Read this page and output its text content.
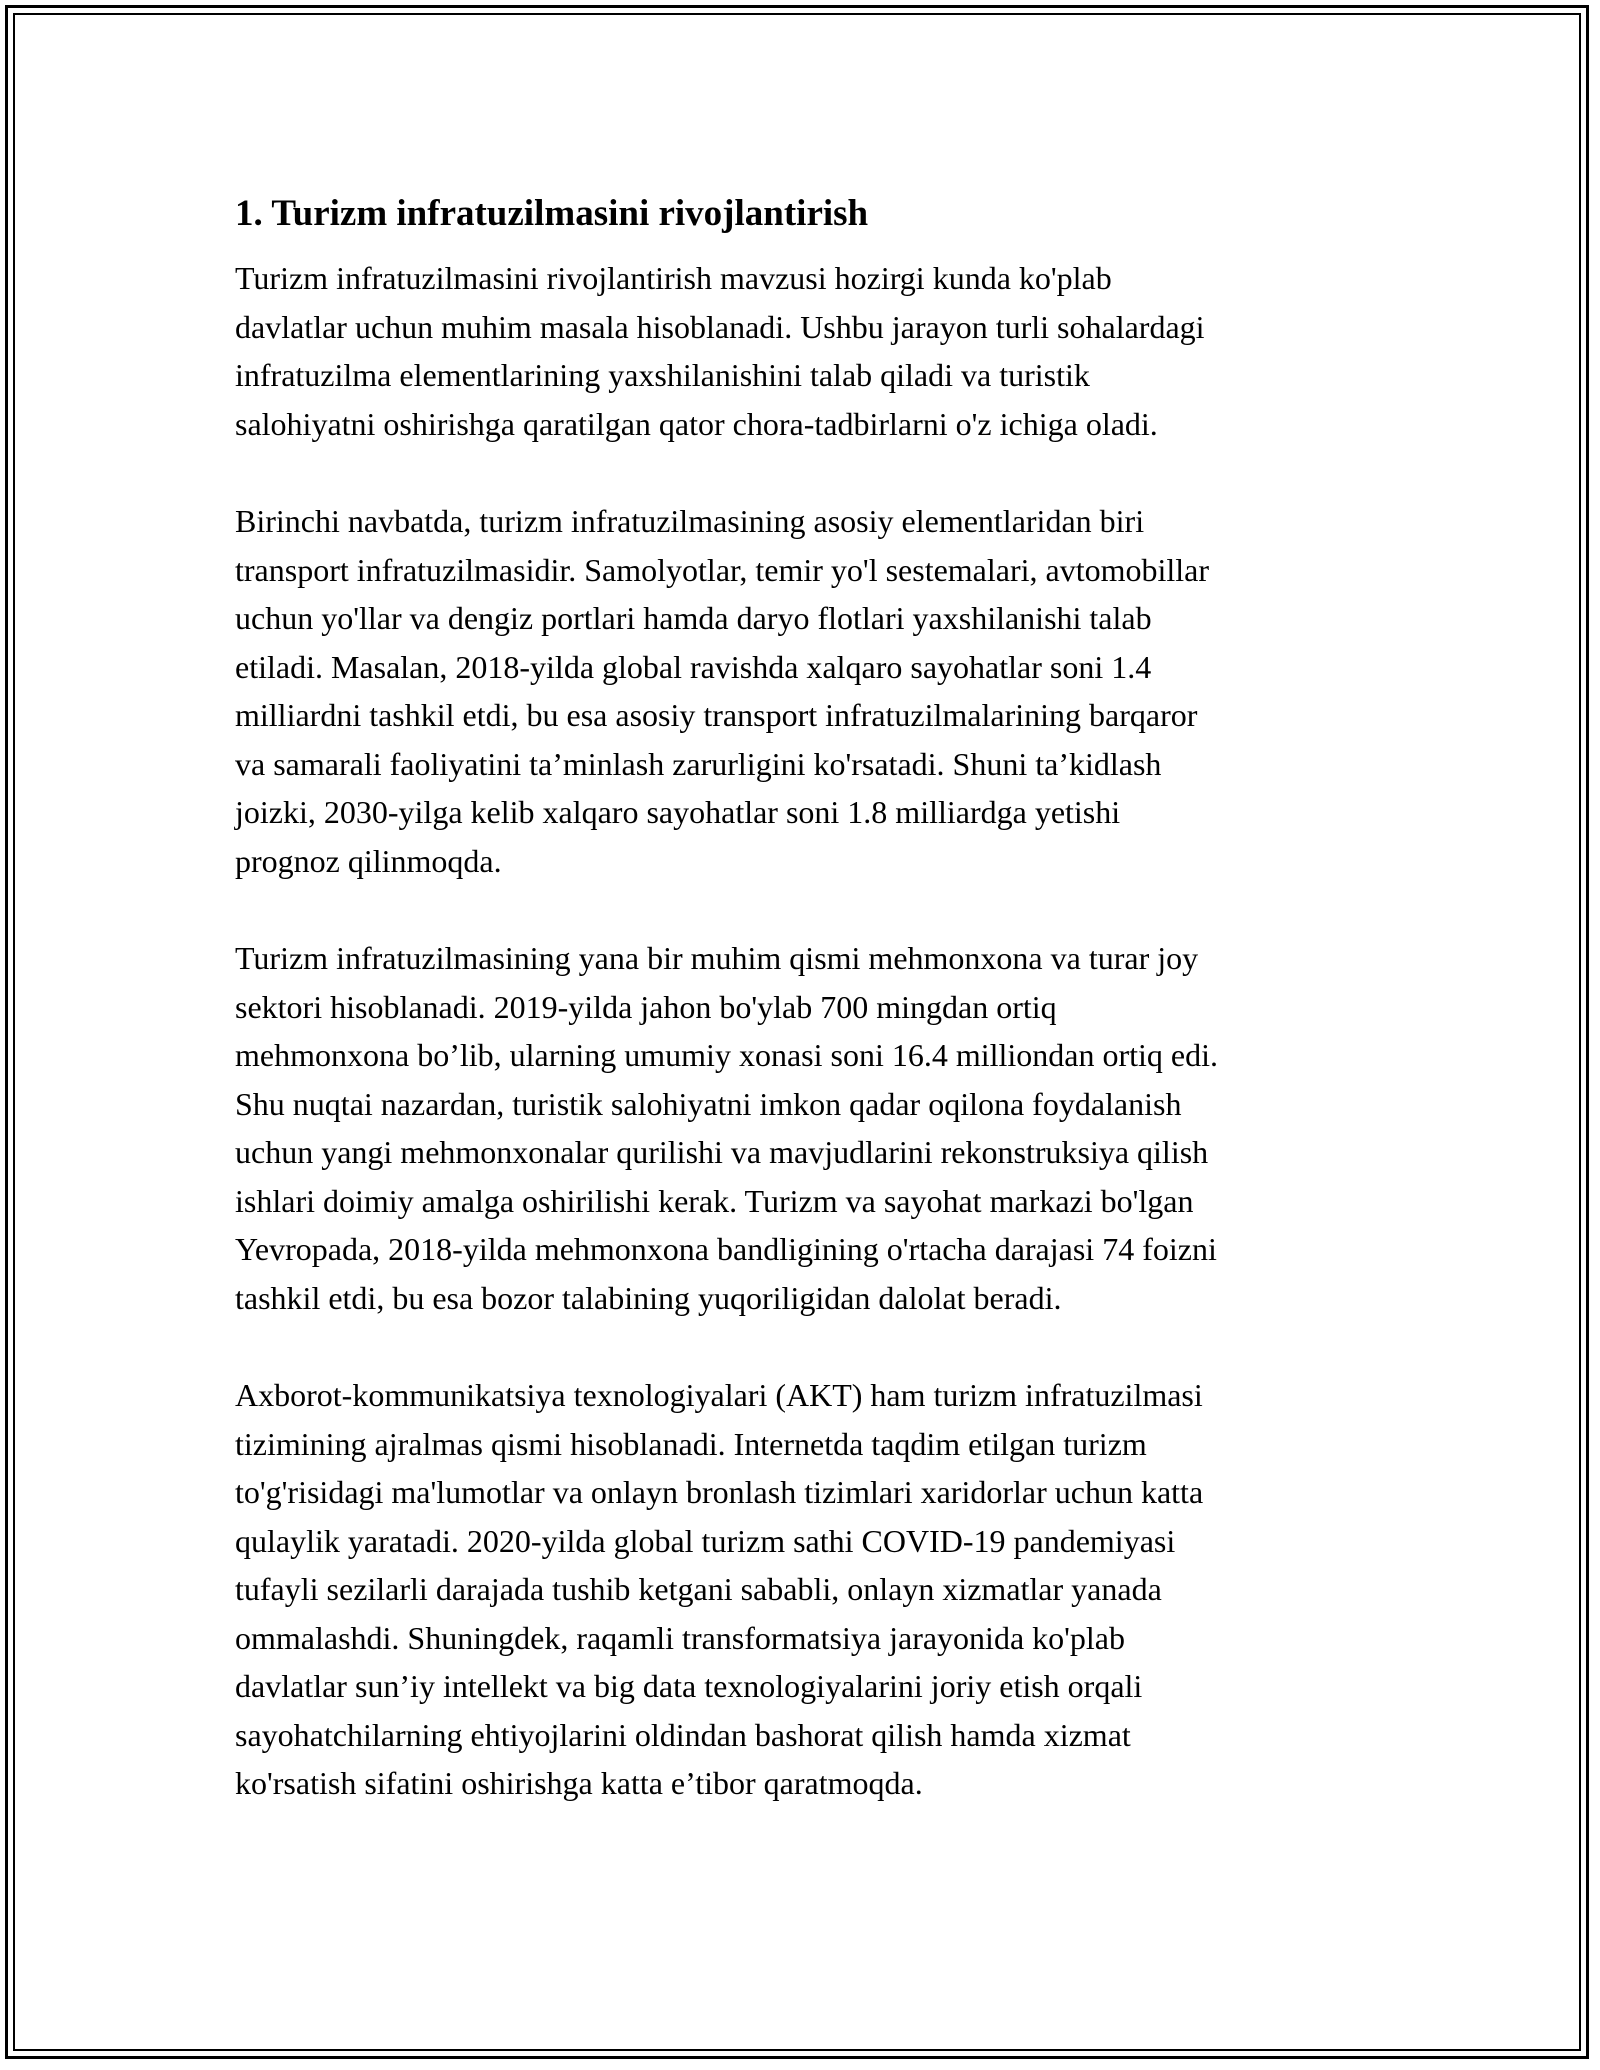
1. Turizm infratuzilmasini rivojlantirish
Turizm infratuzilmasini rivojlantirish mavzusi hozirgi kunda ko'plab
davlatlar uchun muhim masala hisoblanadi. Ushbu jarayon turli sohalardagi
infratuzilma elementlarining yaxshilanishini talab qiladi va turistik
salohiyatni oshirishga qaratilgan qator chora-tadbirlarni o'z ichiga oladi.
Birinchi navbatda, turizm infratuzilmasining asosiy elementlaridan biri
transport infratuzilmasidir. Samolyotlar, temir yo'l sestemalari, avtomobillar
uchun yo'llar va dengiz portlari hamda daryo flotlari yaxshilanishi talab
etiladi. Masalan, 2018-yilda global ravishda xalqaro sayohatlar soni 1.4
milliardni tashkil etdi, bu esa asosiy transport infratuzilmalarining barqaror
va samarali faoliyatini ta’minlash zarurligini ko'rsatadi. Shuni ta’kidlash
joizki, 2030-yilga kelib xalqaro sayohatlar soni 1.8 milliardga yetishi
prognoz qilinmoqda.
Turizm infratuzilmasining yana bir muhim qismi mehmonxona va turar joy
sektori hisoblanadi. 2019-yilda jahon bo'ylab 700 mingdan ortiq
mehmonxona bo’lib, ularning umumiy xonasi soni 16.4 milliondan ortiq edi.
Shu nuqtai nazardan, turistik salohiyatni imkon qadar oqilona foydalanish
uchun yangi mehmonxonalar qurilishi va mavjudlarini rekonstruksiya qilish
ishlari doimiy amalga oshirilishi kerak. Turizm va sayohat markazi bo'lgan
Yevropada, 2018-yilda mehmonxona bandligining o'rtacha darajasi 74 foizni
tashkil etdi, bu esa bozor talabining yuqoriligidan dalolat beradi.
Axborot-kommunikatsiya texnologiyalari (AKT) ham turizm infratuzilmasi
tizimining ajralmas qismi hisoblanadi. Internetda taqdim etilgan turizm
to'g'risidagi ma'lumotlar va onlayn bronlash tizimlari xaridorlar uchun katta
qulaylik yaratadi. 2020-yilda global turizm sathi COVID-19 pandemiyasi
tufayli sezilarli darajada tushib ketgani sababli, onlayn xizmatlar yanada
ommalashdi. Shuningdek, raqamli transformatsiya jarayonida ko'plab
davlatlar sun’iy intellekt va big data texnologiyalarini joriy etish orqali
sayohatchilarning ehtiyojlarini oldindan bashorat qilish hamda xizmat
ko'rsatish sifatini oshirishga katta e’tibor qaratmoqda.
